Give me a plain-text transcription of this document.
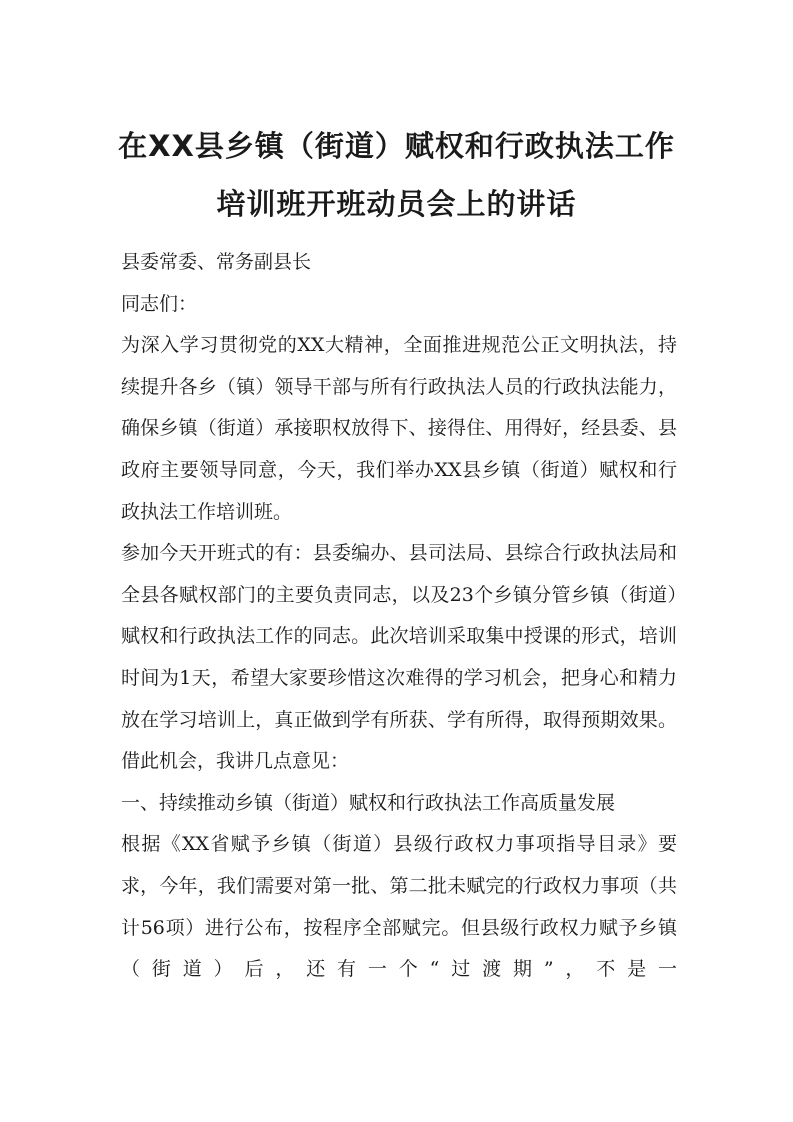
在XX县乡镇（街道）赋权和行政执法工作
培训班开班动员会上的讲话

县委常委、常务副县长

同志们：

为深入学习贯彻党的XX大精神，全面推进规范公正文明执法，持续提升各乡（镇）领导干部与所有行政执法人员的行政执法能力，确保乡镇（街道）承接职权放得下、接得住、用得好，经县委、县政府主要领导同意，今天，我们举办XX县乡镇（街道）赋权和行政执法工作培训班。

参加今天开班式的有：县委编办、县司法局、县综合行政执法局和全县各赋权部门的主要负责同志，以及23个乡镇分管乡镇（街道）赋权和行政执法工作的同志。此次培训采取集中授课的形式，培训时间为1天，希望大家要珍惜这次难得的学习机会，把身心和精力放在学习培训上，真正做到学有所获、学有所得，取得预期效果。借此机会，我讲几点意见：

一、持续推动乡镇（街道）赋权和行政执法工作高质量发展

根据《XX省赋予乡镇（街道）县级行政权力事项指导目录》要求，今年，我们需要对第一批、第二批未赋完的行政权力事项（共计56项）进行公布，按程序全部赋完。但县级行政权力赋予乡镇（街道）后，还有一个“过渡期”，不是一
